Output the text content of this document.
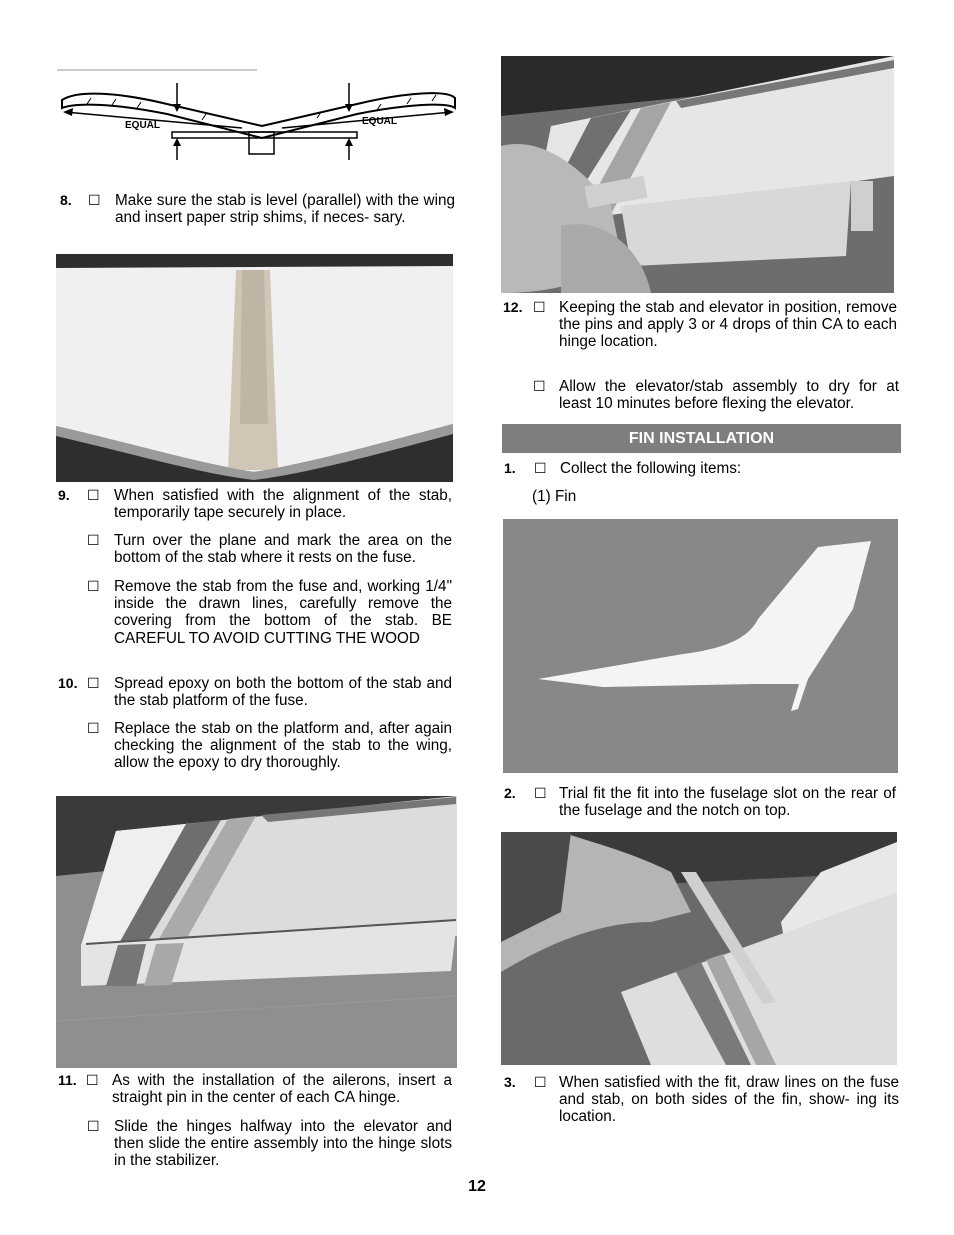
EQUAL	EQUAL
8. ☐ Make sure the stab is level (parallel) with the wing and insert paper strip shims, if neces- sary.
9. ☐ When satisfied with the alignment of the stab, temporarily tape securely in place.
☐ Turn over the plane and mark the area on the bottom of the stab where it rests on the fuse.
☐ Remove the stab from the fuse and, working 1/4" inside the drawn lines, carefully remove the covering from the bottom of the stab. BE CAREFUL TO AVOID CUTTING THE WOOD
10. ☐ Spread epoxy on both the bottom of the stab and the stab platform of the fuse.
☐ Replace the stab on the platform and, after again checking the alignment of the stab to the wing, allow the epoxy to dry thoroughly.
11. ☐ As with the installation of the ailerons, insert a straight pin in the center of each CA hinge.
☐ Slide the hinges halfway into the elevator and then slide the entire assembly into the hinge slots in the stabilizer.
12. ☐ Keeping the stab and elevator in position, remove the pins and apply 3 or 4 drops of thin CA to each hinge location.
☐ Allow the elevator/stab assembly to dry for at least 10 minutes before flexing the elevator.
FIN INSTALLATION
1. ☐ Collect the following items:
(1) Fin
2. ☐ Trial fit the fit into the fuselage slot on the rear of the fuselage and the notch on top.
3. ☐ When satisfied with the fit, draw lines on the fuse and stab, on both sides of the fin, show- ing its location.
12
